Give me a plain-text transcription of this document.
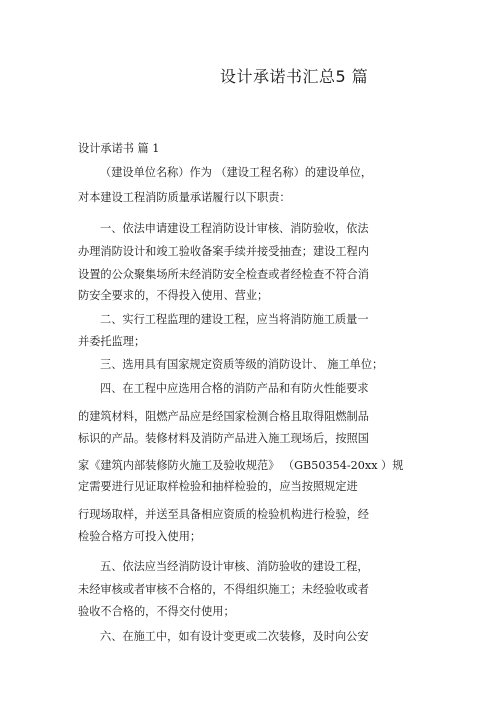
设计承诺书汇总5 篇
设计承诺书 篇 1
（建设单位名称）作为 （建设工程名称）的建设单位，
对本建设工程消防质量承诺履行以下职责：
一、依法申请建设工程消防设计审核、消防验收，依法
办理消防设计和竣工验收备案手续并接受抽查；建设工程内
设置的公众聚集场所未经消防安全检查或者经检查不符合消
防安全要求的，不得投入使用、营业；
二、实行工程监理的建设工程，应当将消防施工质量一
并委托监理；
三、选用具有国家规定资质等级的消防设计、 施工单位；
四、在工程中应选用合格的消防产品和有防火性能要求
的建筑材料，阻燃产品应是经国家检测合格且取得阻燃制品
标识的产品。装修材料及消防产品进入施工现场后，按照国
家《建筑内部装修防火施工及验收规范》 （GB50354-20xx ）规
定需要进行见证取样检验和抽样检验的，应当按照规定进
行现场取样，并送至具备相应资质的检验机构进行检验，经
检验合格方可投入使用；
五、依法应当经消防设计审核、消防验收的建设工程，
未经审核或者审核不合格的，不得组织施工；未经验收或者
验收不合格的，不得交付使用；
六、在施工中，如有设计变更或二次装修，及时向公安
